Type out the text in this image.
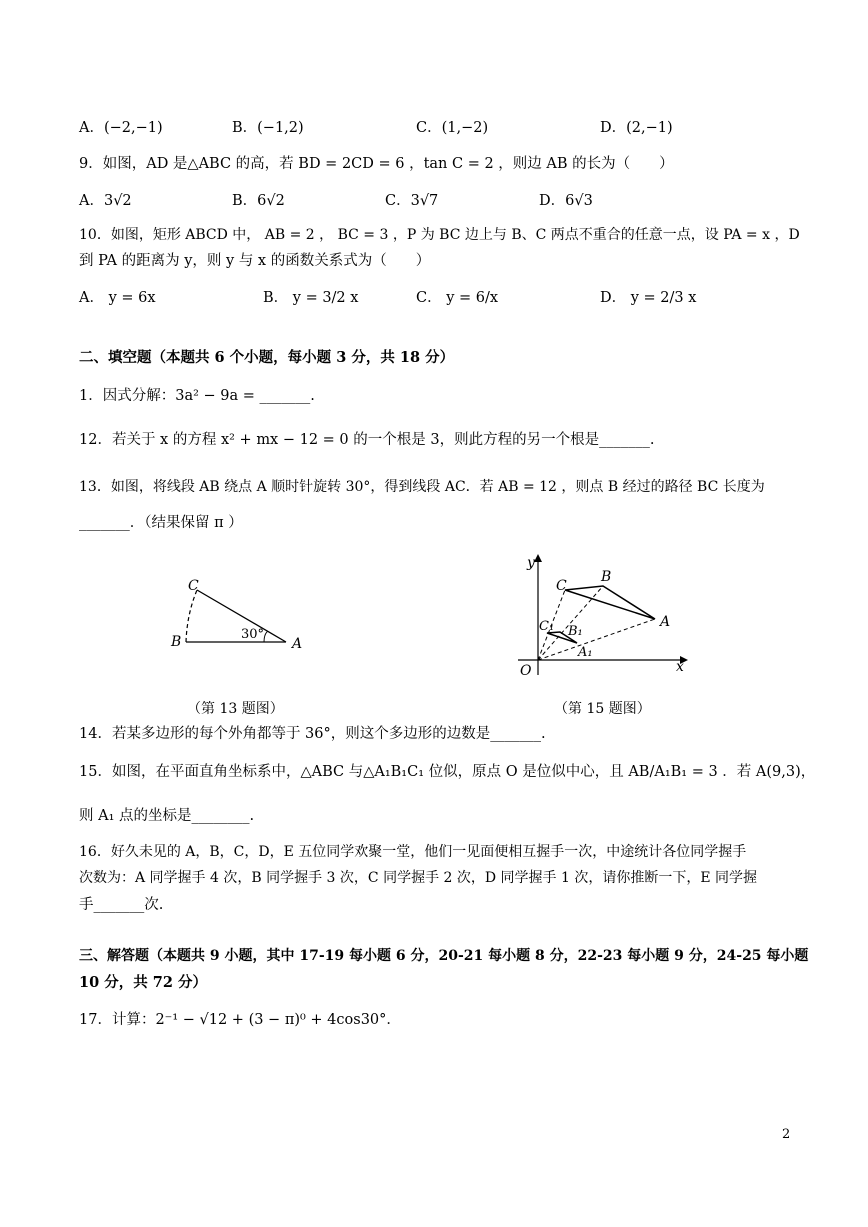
A．(−2,−1)	B．(−1,2)	C．(1,−2)	D．(2,−1)
9．如图，AD 是△ABC 的高，若 BD = 2CD = 6 ，tan C = 2 ，则边 AB 的长为（　　）
A．3√2	B．6√2	C．3√7	D．6√3
10．如图，矩形 ABCD 中， AB = 2 ， BC = 3 ，P 为 BC 边上与 B、C 两点不重合的任意一点，设 PA = x ，D
到 PA 的距离为 y，则 y 与 x 的函数关系式为（　　）
A． y = 6x	B． y = 3/2 x	C． y = 6/x	D． y = 2/3 x
二、填空题（本题共 6 个小题，每小题 3 分，共 18 分）
1．因式分解：3a² − 9a = _______.
12．若关于 x 的方程 x² + mx − 12 = 0 的一个根是 3，则此方程的另一个根是_______.
13．如图，将线段 AB 绕点 A 顺时针旋转 30°，得到线段 AC．若 AB = 12 ，则点 B 经过的路径 BC 长度为
_______．（结果保留 π ）
C
B	A
30°
（第 13 题图）
y
x
O
A
B
C
A₁
B₁
C₁
（第 15 题图）
14．若某多边形的每个外角都等于 36°，则这个多边形的边数是_______.
15．如图，在平面直角坐标系中，△ABC 与△A₁B₁C₁ 位似，原点 O 是位似中心，且 AB/A₁B₁ = 3 ．若 A(9,3)，
则 A₁ 点的坐标是________.
16．好久未见的 A，B，C，D，E 五位同学欢聚一堂，他们一见面便相互握手一次，中途统计各位同学握手
次数为：A 同学握手 4 次，B 同学握手 3 次，C 同学握手 2 次，D 同学握手 1 次，请你推断一下，E 同学握
手_______次.
三、解答题（本题共 9 小题，其中 17-19 每小题 6 分，20-21 每小题 8 分，22-23 每小题 9 分，24-25 每小题
10 分，共 72 分）
17．计算：2⁻¹ − √12 + (3 − π)⁰ + 4cos30°．
2
